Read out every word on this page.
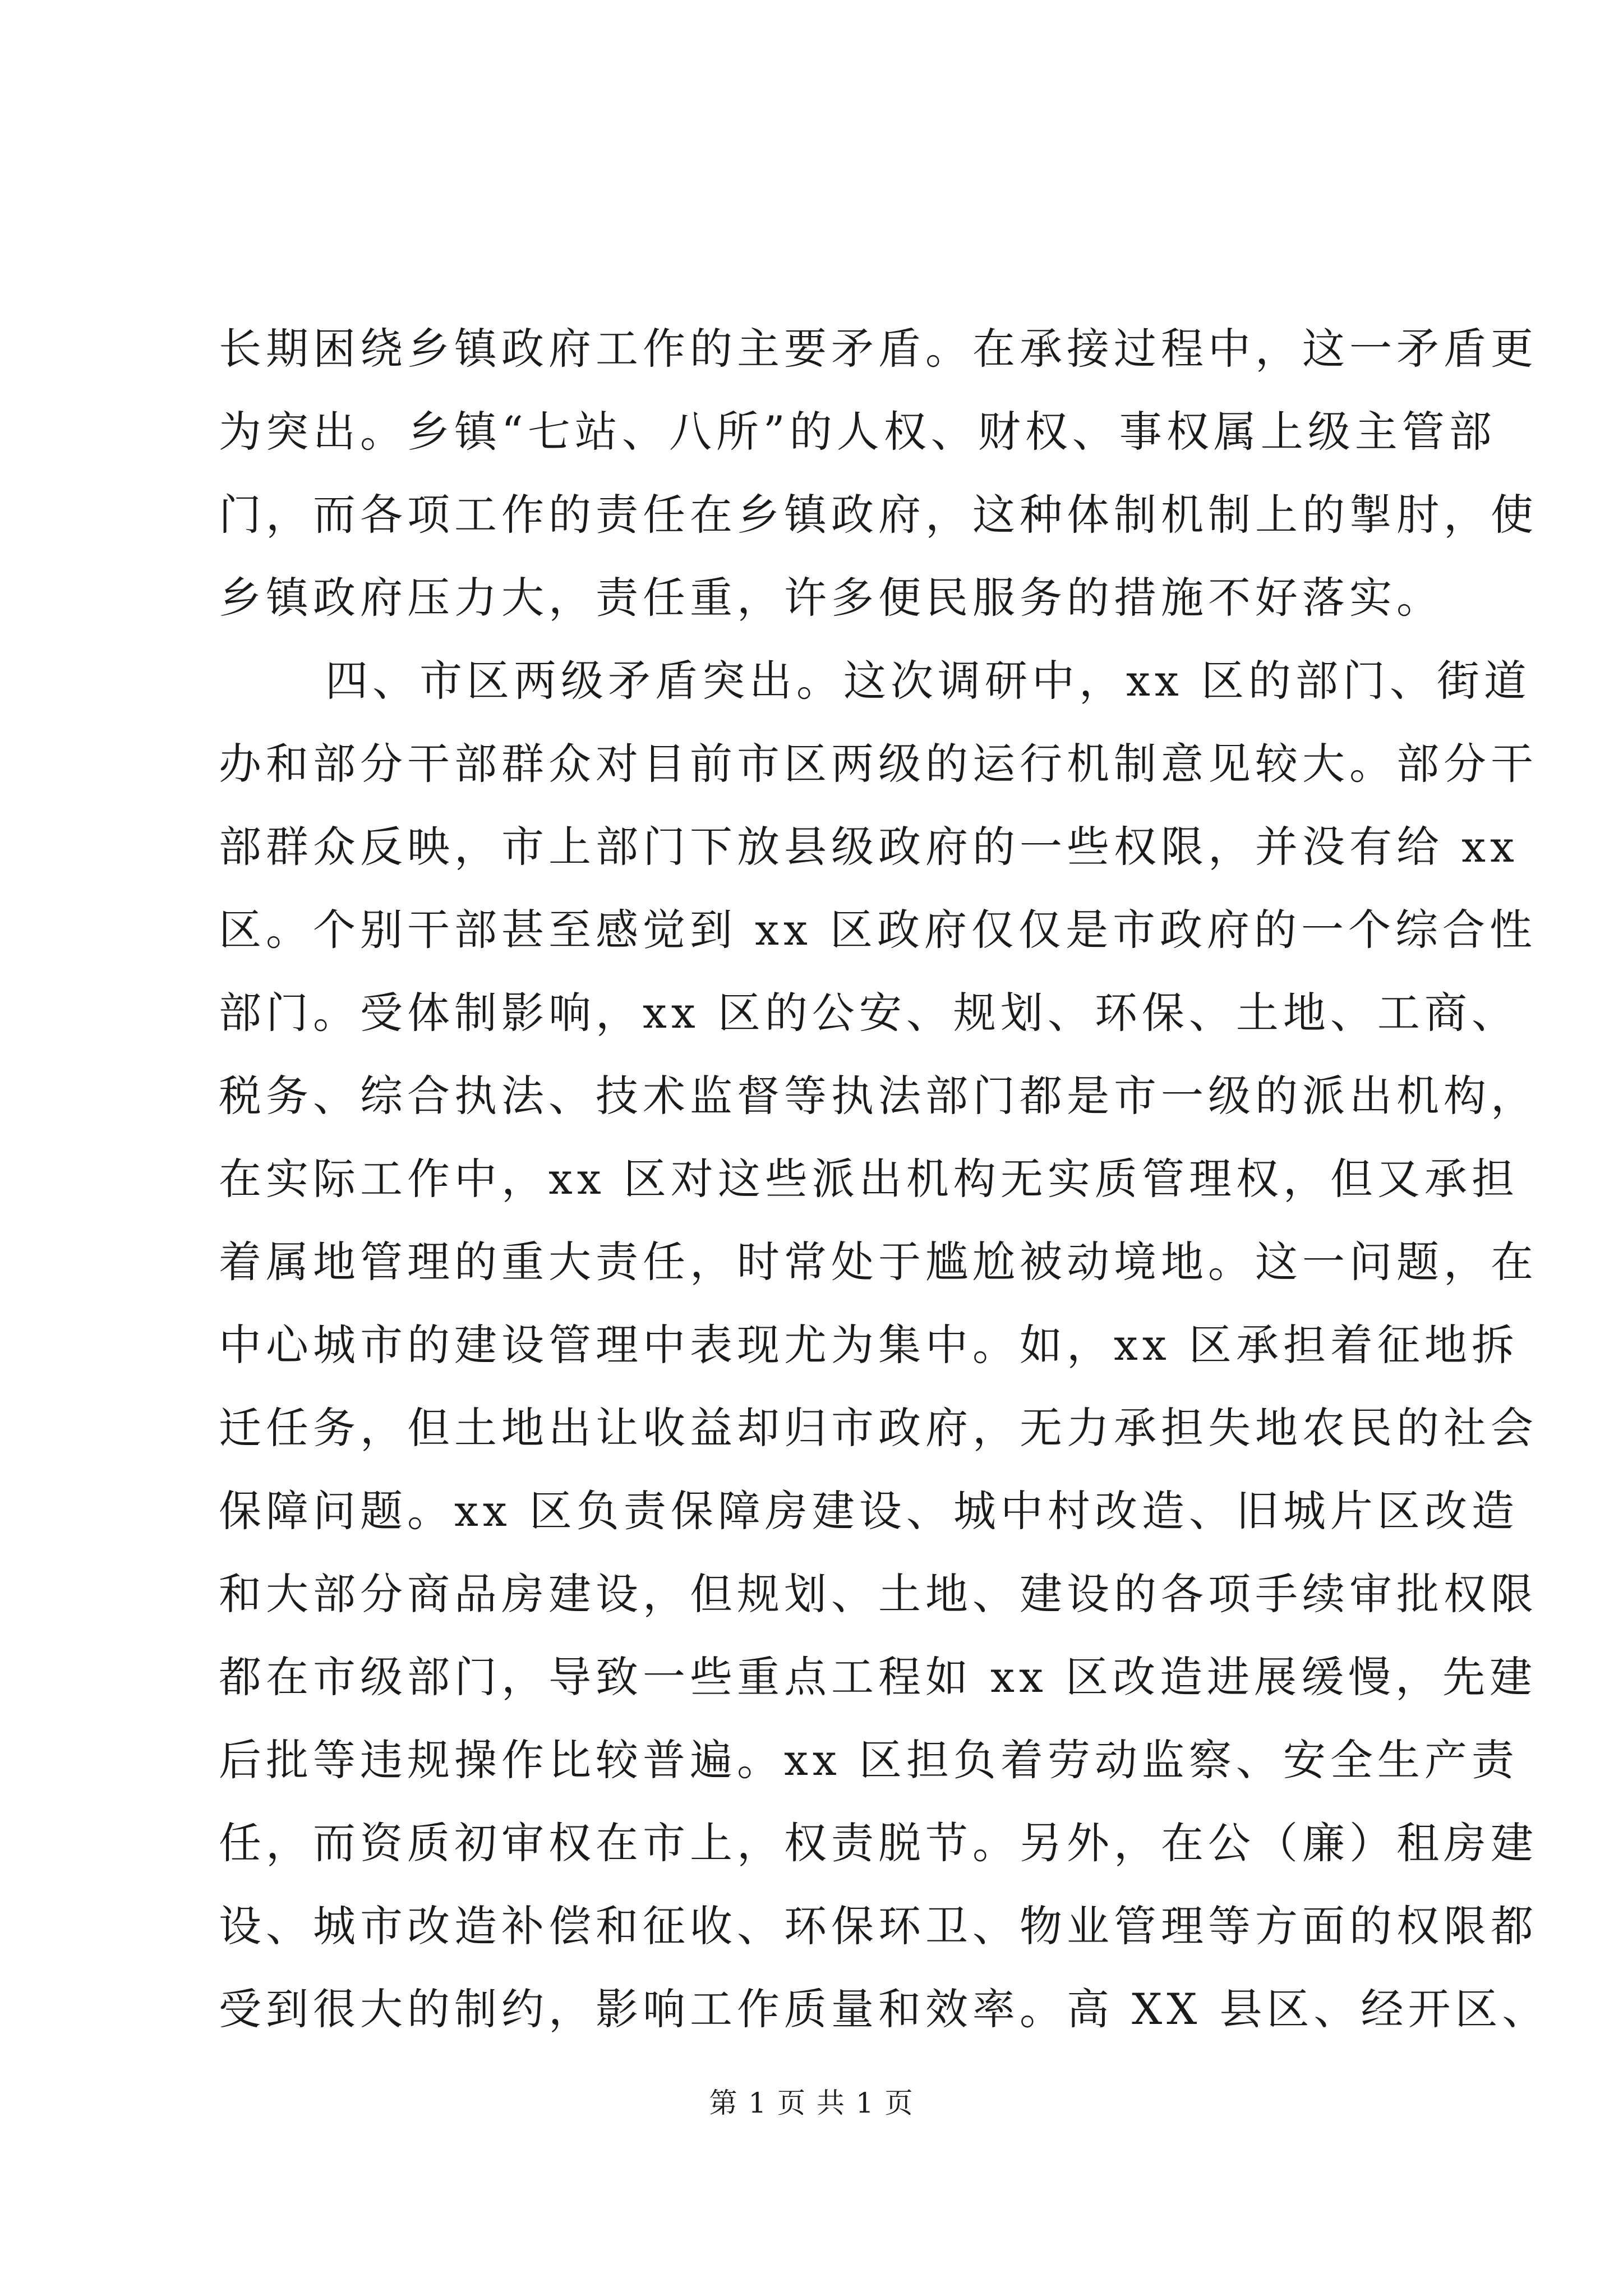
长期困绕乡镇政府工作的主要矛盾。在承接过程中，这一矛盾更
为突出。乡镇“七站、八所”的人权、财权、事权属上级主管部
门，而各项工作的责任在乡镇政府，这种体制机制上的掣肘，使
乡镇政府压力大，责任重，许多便民服务的措施不好落实。
四、市区两级矛盾突出。这次调研中，xx 区的部门、街道
办和部分干部群众对目前市区两级的运行机制意见较大。部分干
部群众反映，市上部门下放县级政府的一些权限，并没有给 xx
区。个别干部甚至感觉到 xx 区政府仅仅是市政府的一个综合性
部门。受体制影响，xx 区的公安、规划、环保、土地、工商、
税务、综合执法、技术监督等执法部门都是市一级的派出机构，
在实际工作中，xx 区对这些派出机构无实质管理权，但又承担
着属地管理的重大责任，时常处于尴尬被动境地。这一问题，在
中心城市的建设管理中表现尤为集中。如，xx 区承担着征地拆
迁任务，但土地出让收益却归市政府，无力承担失地农民的社会
保障问题。xx 区负责保障房建设、城中村改造、旧城片区改造
和大部分商品房建设，但规划、土地、建设的各项手续审批权限
都在市级部门，导致一些重点工程如 xx 区改造进展缓慢，先建
后批等违规操作比较普遍。xx 区担负着劳动监察、安全生产责
任，而资质初审权在市上，权责脱节。另外，在公（廉）租房建
设、城市改造补偿和征收、环保环卫、物业管理等方面的权限都
受到很大的制约，影响工作质量和效率。高 XX 县区、经开区、
第 1 页 共 1 页
